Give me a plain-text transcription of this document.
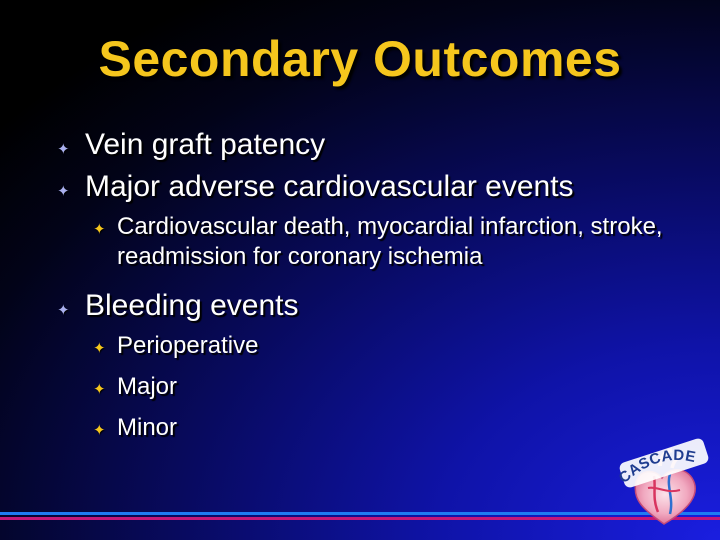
Secondary Outcomes
✦ Vein graft patency
✦ Major adverse cardiovascular events
✦ Cardiovascular death, myocardial infarction, stroke, readmission for coronary ischemia
✦ Bleeding events
✦ Perioperative
✦ Major
✦ Minor
CASCADE
